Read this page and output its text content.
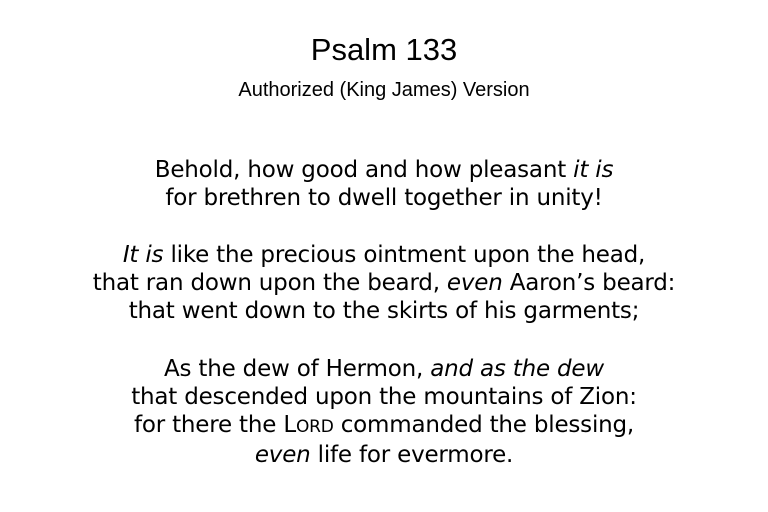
Psalm 133
Authorized (King James) Version
Behold, how good and how pleasant it is
for brethren to dwell together in unity!
It is like the precious ointment upon the head,
that ran down upon the beard, even Aaron’s beard:
that went down to the skirts of his garments;
As the dew of Hermon, and as the dew
that descended upon the mountains of Zion:
for there the LORD commanded the blessing,
even life for evermore.
